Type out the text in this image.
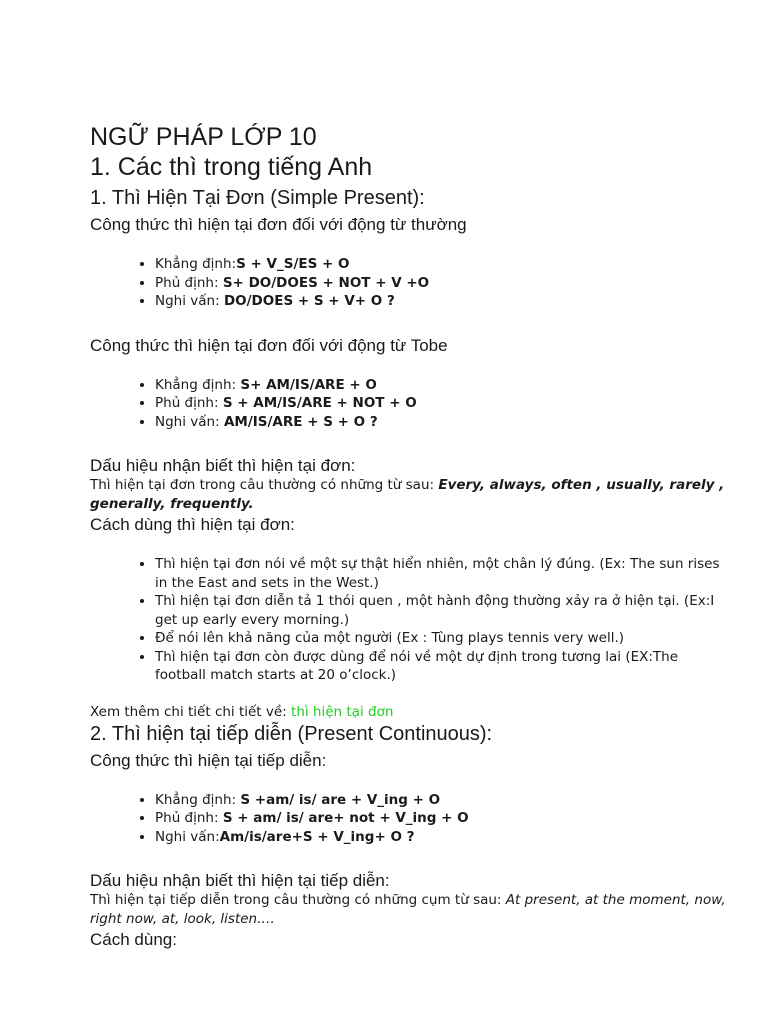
NGỮ PHÁP LỚP 10
1. Các thì trong tiếng Anh
1. Thì Hiện Tại Đơn (Simple Present):
Công thức thì hiện tại đơn đối với động từ thường
• Khẳng định:S + V_S/ES + O
• Phủ định: S+ DO/DOES + NOT + V +O
• Nghi vấn: DO/DOES + S + V+ O ?
Công thức thì hiện tại đơn đối với động từ Tobe
• Khẳng định: S+ AM/IS/ARE + O
• Phủ định: S + AM/IS/ARE + NOT + O
• Nghi vấn: AM/IS/ARE + S + O ?
Dấu hiệu nhận biết thì hiện tại đơn:

Thì hiện tại đơn trong câu thường có những từ sau: Every, always, often , usually, rarely , generally, frequently.

Cách dùng thì hiện tại đơn:
• Thì hiện tại đơn nói về một sự thật hiển nhiên, một chân lý đúng. (Ex: The sun rises in the East and sets in the West.)
• Thì hiện tại đơn diễn tả 1 thói quen , một hành động thường xảy ra ở hiện tại. (Ex:I get up early every morning.)
• Để nói lên khả năng của một người (Ex : Tùng plays tennis very well.)
• Thì hiện tại đơn còn được dùng để nói về một dự định trong tương lai (EX:The football match starts at 20 o’clock.)

Xem thêm chi tiết chi tiết về: thì hiện tại đơn

2. Thì hiện tại tiếp diễn (Present Continuous):
Công thức thì hiện tại tiếp diễn:
• Khẳng định: S +am/ is/ are + V_ing + O
• Phủ định: S + am/ is/ are+ not + V_ing + O
• Nghi vấn:Am/is/are+S + V_ing+ O ?
Dấu hiệu nhận biết thì hiện tại tiếp diễn:

Thì hiện tại tiếp diễn trong câu thường có những cụm từ sau: At present, at the moment, now, right now, at, look, listen.…

Cách dùng:
